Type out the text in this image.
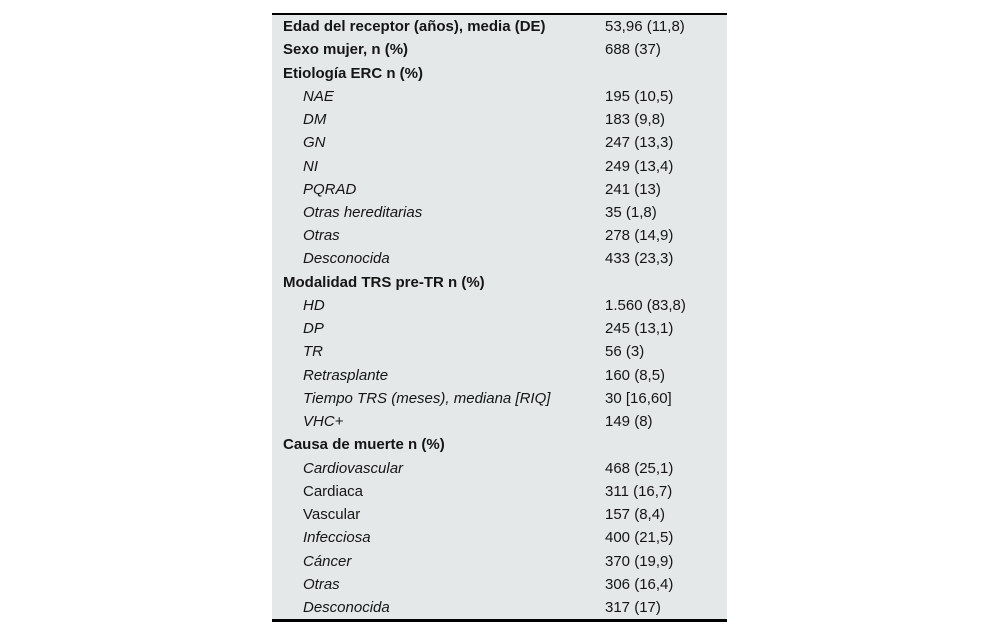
Edad del receptor (años), media (DE)	53,96 (11,8)
Sexo mujer, n (%)	688 (37)
Etiología ERC n (%)
NAE	195 (10,5)
DM	183 (9,8)
GN	247 (13,3)
NI	249 (13,4)
PQRAD	241 (13)
Otras hereditarias	35 (1,8)
Otras	278 (14,9)
Desconocida	433 (23,3)
Modalidad TRS pre-TR n (%)
HD	1.560 (83,8)
DP	245 (13,1)
TR	56 (3)
Retrasplante	160 (8,5)
Tiempo TRS (meses), mediana [RIQ]	30 [16,60]
VHC+	149 (8)
Causa de muerte n (%)
Cardiovascular	468 (25,1)
Cardiaca	311 (16,7)
Vascular	157 (8,4)
Infecciosa	400 (21,5)
Cáncer	370 (19,9)
Otras	306 (16,4)
Desconocida	317 (17)
